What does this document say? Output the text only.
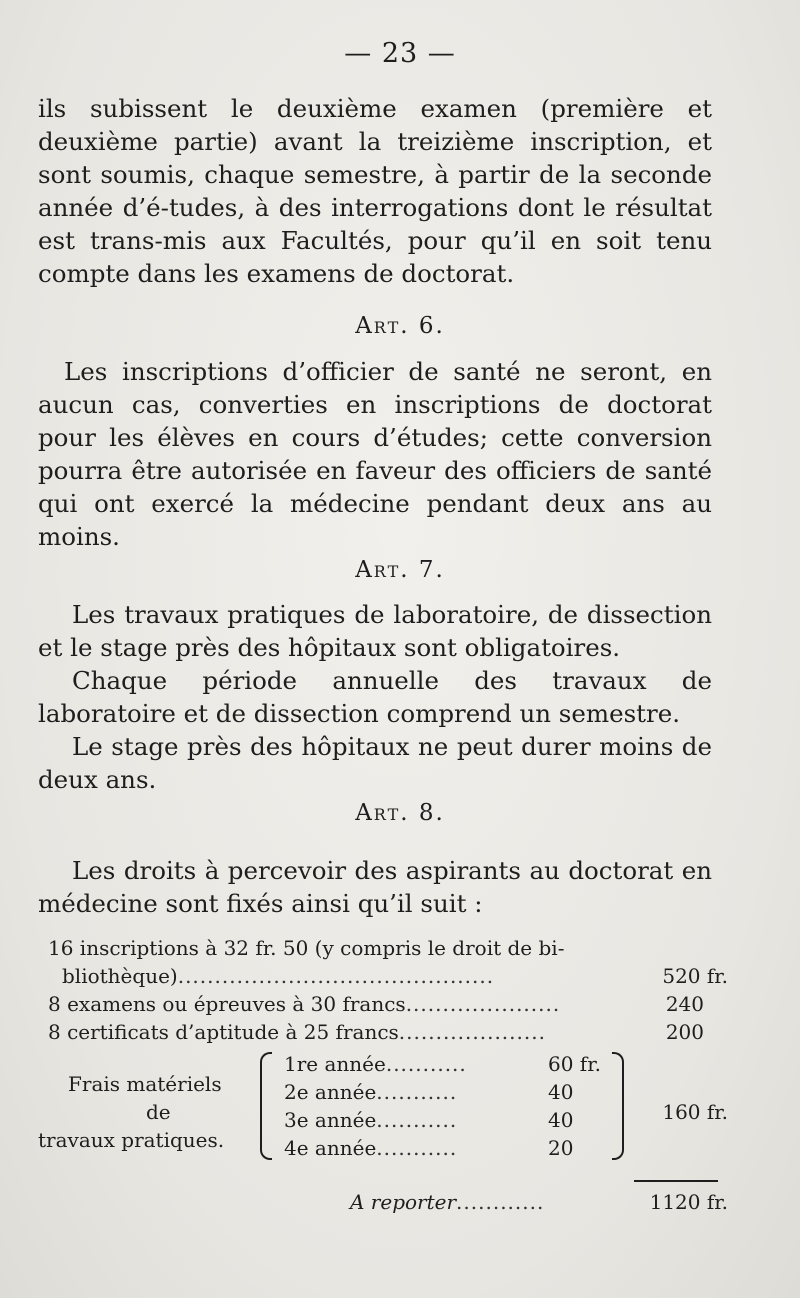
— 23 —

ils subissent le deuxième examen (première et deuxième partie) avant la treizième inscription, et sont soumis, chaque semestre, à partir de la seconde année d’é-tudes, à des interrogations dont le résultat est trans-mis aux Facultés, pour qu’il en soit tenu compte dans les examens de doctorat.

Art. 6.

Les inscriptions d’officier de santé ne seront, en aucun cas, converties en inscriptions de doctorat pour les élèves en cours d’études; cette conversion pourra être autorisée en faveur des officiers de santé qui ont exercé la médecine pendant deux ans au moins.

Art. 7.

Les travaux pratiques de laboratoire, de dissection et le stage près des hôpitaux sont obligatoires.

Chaque période annuelle des travaux de laboratoire et de dissection comprend un semestre.

Le stage près des hôpitaux ne peut durer moins de deux ans.

Art. 8.

Les droits à percevoir des aspirants au doctorat en médecine sont fixés ainsi qu’il suit :

16 inscriptions à 32 fr. 50 (y compris le droit de bi-
bliothèque)...........................................	520 fr.
8 examens ou épreuves à 30 francs.....................	240
8 certificats d’aptitude à 25 francs....................	200
Frais matériels
de
travaux pratiques.
1re année...........	60 fr.
2e année...........	40
3e année...........	40
4e année...........	20
160 fr.
A reporter............	1120 fr.
